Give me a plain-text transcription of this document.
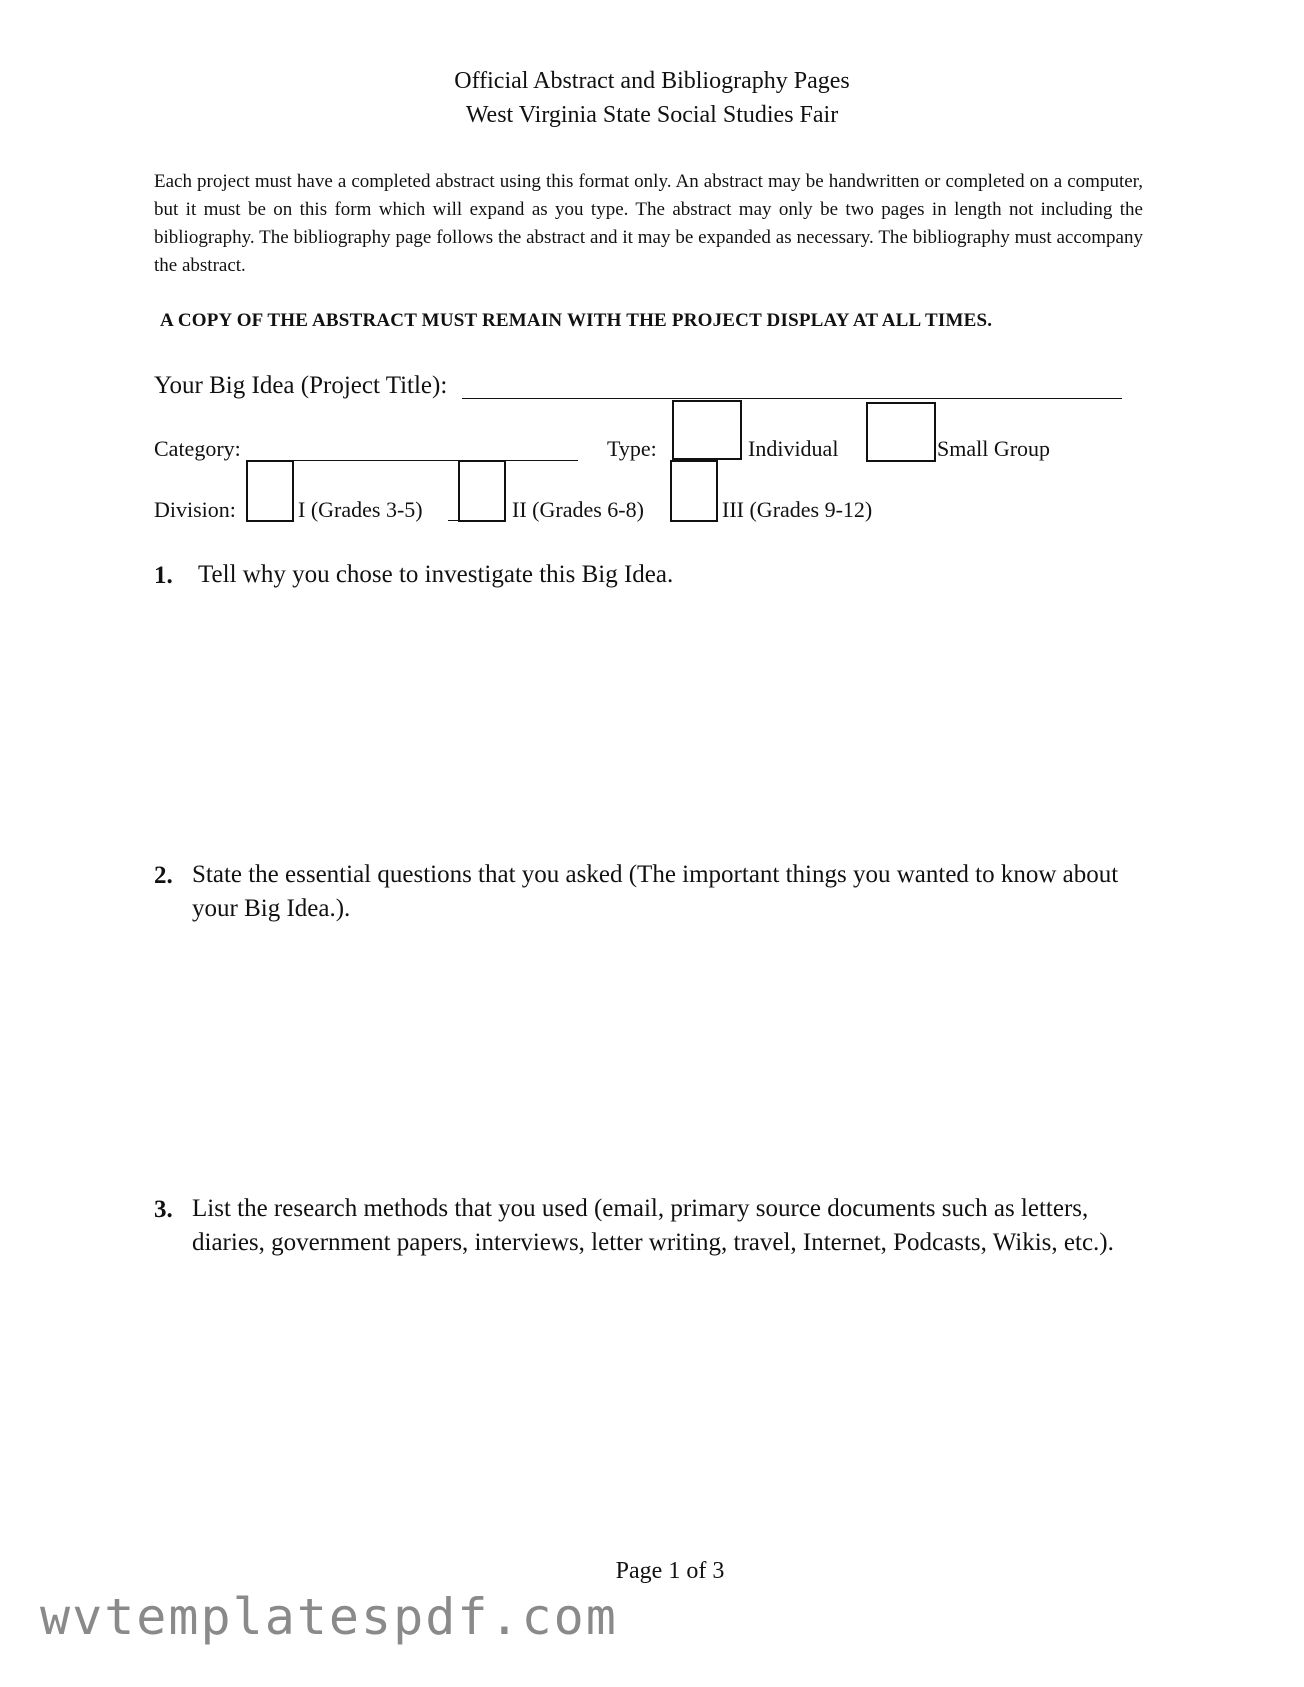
Official Abstract and Bibliography Pages
West Virginia State Social Studies Fair
Each project must have a completed abstract using this format only. An abstract may be handwritten or completed on a computer, but it must be on this form which will expand as you type. The abstract may only be two pages in length not including the bibliography. The bibliography page follows the abstract and it may be expanded as necessary. The bibliography must accompany the abstract.
A COPY OF THE ABSTRACT MUST REMAIN WITH THE PROJECT DISPLAY AT ALL TIMES.
Your Big Idea (Project Title):
Category:	Type:	Individual	Small Group
Division:	I (Grades 3-5)	II (Grades 6-8)	III (Grades 9-12)
1. Tell why you chose to investigate this Big Idea.
2. State the essential questions that you asked (The important things you wanted to know about your Big Idea.).
3. List the research methods that you used (email, primary source documents such as letters, diaries, government papers, interviews, letter writing, travel, Internet, Podcasts, Wikis, etc.).
Page 1 of 3
wvtemplatespdf.com
